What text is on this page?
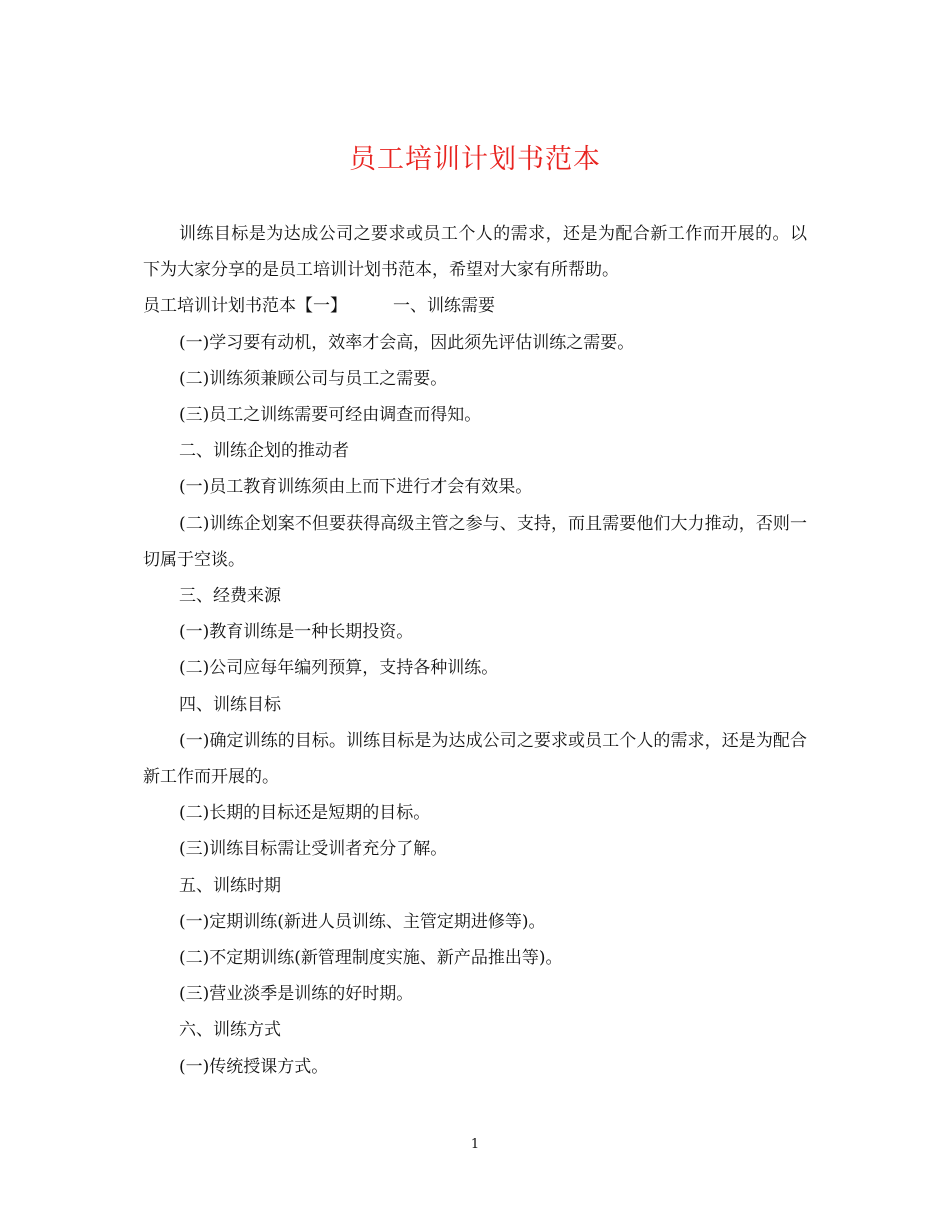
员工培训计划书范本

训练目标是为达成公司之要求或员工个人的需求，还是为配合新工作而开展的。以下为大家分享的是员工培训计划书范本，希望对大家有所帮助。

员工培训计划书范本【一】	一、训练需要

(一)学习要有动机，效率才会高，因此须先评估训练之需要。

(二)训练须兼顾公司与员工之需要。

(三)员工之训练需要可经由调查而得知。

二、训练企划的推动者

(一)员工教育训练须由上而下进行才会有效果。

(二)训练企划案不但要获得高级主管之参与、支持，而且需要他们大力推动，否则一切属于空谈。

三、经费来源

(一)教育训练是一种长期投资。

(二)公司应每年编列预算，支持各种训练。

四、训练目标

(一)确定训练的目标。训练目标是为达成公司之要求或员工个人的需求，还是为配合新工作而开展的。

(二)长期的目标还是短期的目标。

(三)训练目标需让受训者充分了解。

五、训练时期

(一)定期训练(新进人员训练、主管定期进修等)。

(二)不定期训练(新管理制度实施、新产品推出等)。

(三)营业淡季是训练的好时期。

六、训练方式

(一)传统授课方式。

1
